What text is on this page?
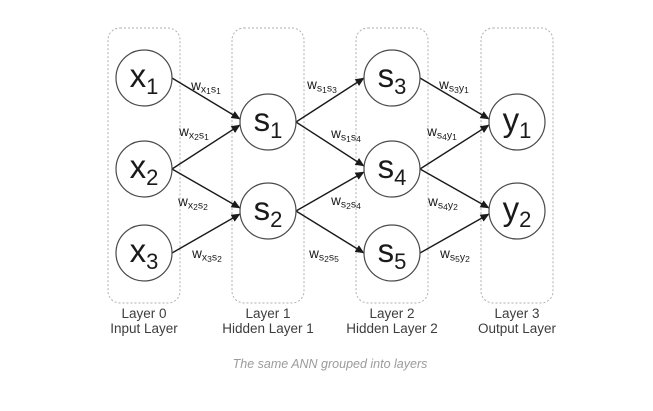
wx1s1
wx2s1
wx2s2
wx3s2
ws1s3
ws1s4
ws2s4
ws2s5
ws3y1
ws4y1
ws4y2
ws5y2
x1
x2
x3
s1
s2
s3
s4
s5
y1
y2
Layer 0
Input Layer
Layer 1
Hidden Layer 1
Layer 2
Hidden Layer 2
Layer 3
Output Layer
The same ANN grouped into layers
